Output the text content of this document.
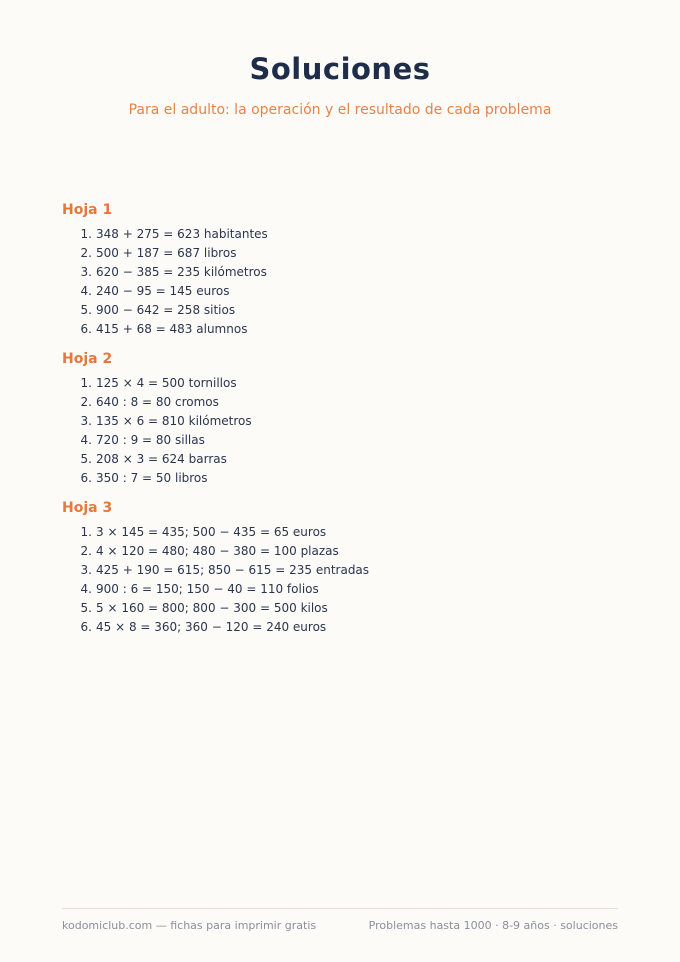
Soluciones
Para el adulto: la operación y el resultado de cada problema
Hoja 1
1. 348 + 275 = 623 habitantes
2. 500 + 187 = 687 libros
3. 620 − 385 = 235 kilómetros
4. 240 − 95 = 145 euros
5. 900 − 642 = 258 sitios
6. 415 + 68 = 483 alumnos
Hoja 2
1. 125 × 4 = 500 tornillos
2. 640 : 8 = 80 cromos
3. 135 × 6 = 810 kilómetros
4. 720 : 9 = 80 sillas
5. 208 × 3 = 624 barras
6. 350 : 7 = 50 libros
Hoja 3
1. 3 × 145 = 435; 500 − 435 = 65 euros
2. 4 × 120 = 480; 480 − 380 = 100 plazas
3. 425 + 190 = 615; 850 − 615 = 235 entradas
4. 900 : 6 = 150; 150 − 40 = 110 folios
5. 5 × 160 = 800; 800 − 300 = 500 kilos
6. 45 × 8 = 360; 360 − 120 = 240 euros
kodomiclub.com — fichas para imprimir gratis	Problemas hasta 1000 · 8-9 años · soluciones
